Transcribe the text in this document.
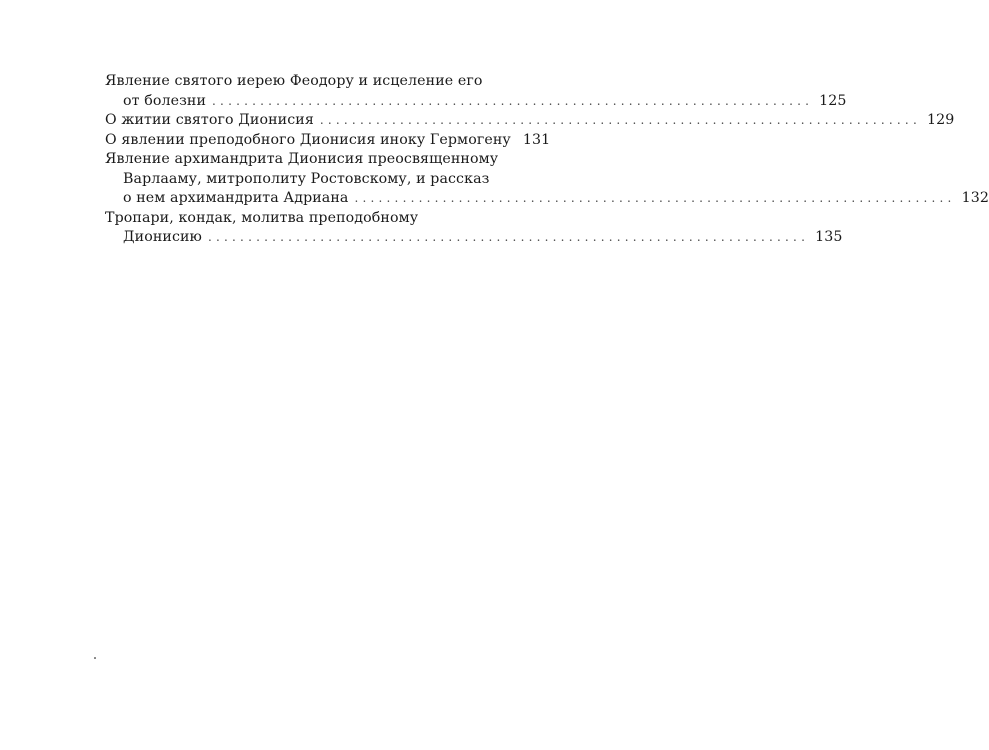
Явление святого иерею Феодору и исцеление его
от болезни ........................................................................... 125
О житии святого Дионисия ........................................................................... 129
О явлении преподобного Дионисия иноку Гермогену 131
Явление архимандрита Дионисия преосвященному
Варлааму, митрополиту Ростовскому, и рассказ
о нем архимандрита Адриана ........................................................................... 132
Тропари, кондак, молитва преподобному
Дионисию ........................................................................... 135
